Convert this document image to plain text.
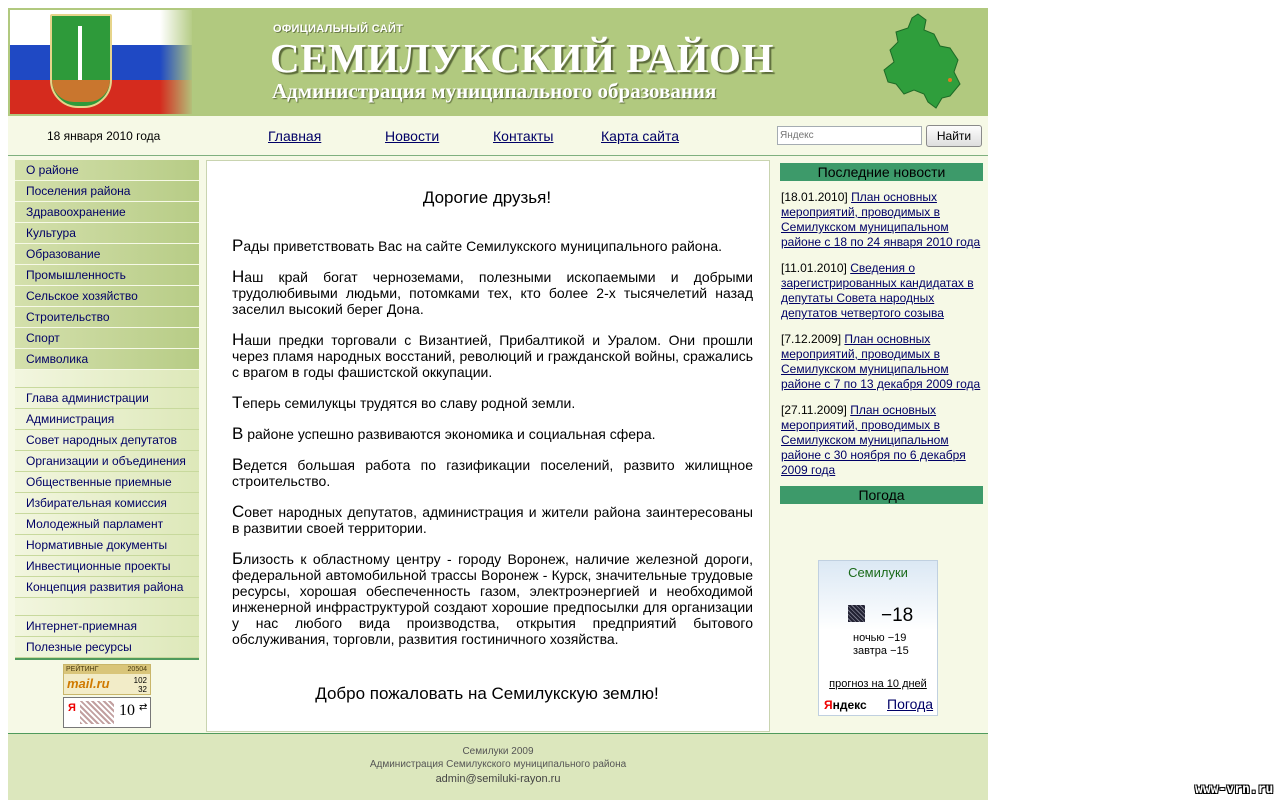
ОФИЦИАЛЬНЫЙ САЙТ
СЕМИЛУКСКИЙ РАЙОН
Администрация муниципального образования
18 января 2010 года	Главная	Новости	Контакты	Карта сайта
Яндекс	Найти
О районе
Поселения района
Здравоохранение
Культура
Образование
Промышленность
Сельское хозяйство
Строительство
Спорт
Символика
Глава администрации
Администрация
Совет народных депутатов
Организации и объединения
Общественные приемные
Избирательная комиссия
Молодежный парламент
Нормативные документы
Инвестиционные проекты
Концепция развития района
Интернет-приемная
Полезные ресурсы
РЕЙТИНГ	20504
mail.ru	102
32
Я	10 ⇄
Дорогие друзья!

Рады приветствовать Вас на сайте Семилукского муниципального района.

Наш край богат черноземами, полезными ископаемыми и добрыми трудолюбивыми людьми, потомками тех, кто более 2-х тысячелетий назад заселил высокий берег Дона.

Наши предки торговали с Византией, Прибалтикой и Уралом. Они прошли через пламя народных восстаний, революций и гражданской войны, сражались с врагом в годы фашистской оккупации.

Теперь семилукцы трудятся во славу родной земли.

В районе успешно развиваются экономика и социальная сфера.

Ведется большая работа по газификации поселений, развито жилищное строительство.

Совет народных депутатов, администрация и жители района заинтересованы в развитии своей территории.

Близость к областному центру - городу Воронеж, наличие железной дороги, федеральной автомобильной трассы Воронеж - Курск, значительные трудовые ресурсы, хорошая обеспеченность газом, электроэнергией и необходимой инженерной инфраструктурой создают хорошие предпосылки для организации у нас любого вида производства, открытия предприятий бытового обслуживания, торговли, развития гостиничного хозяйства.

Добро пожаловать на Семилукскую землю!
Последние новости
[18.01.2010] План основных мероприятий, проводимых в Семилукском муниципальном районе с 18 по 24 января 2010 года
[11.01.2010] Сведения о зарегистрированных кандидатах в депутаты Совета народных депутатов четвертого созыва
[7.12.2009] План основных мероприятий, проводимых в Семилукском муниципальном районе с 7 по 13 декабря 2009 года
[27.11.2009] План основных мероприятий, проводимых в Семилукском муниципальном районе с 30 ноября по 6 декабря 2009 года
Погода
Семилуки
−18
ночью −19
завтра −15
прогноз на 10 дней
Яндекс Погода
Семилуки 2009
Администрация Семилукского муниципального района
admin@semiluki-rayon.ru
www-vrn.ru
